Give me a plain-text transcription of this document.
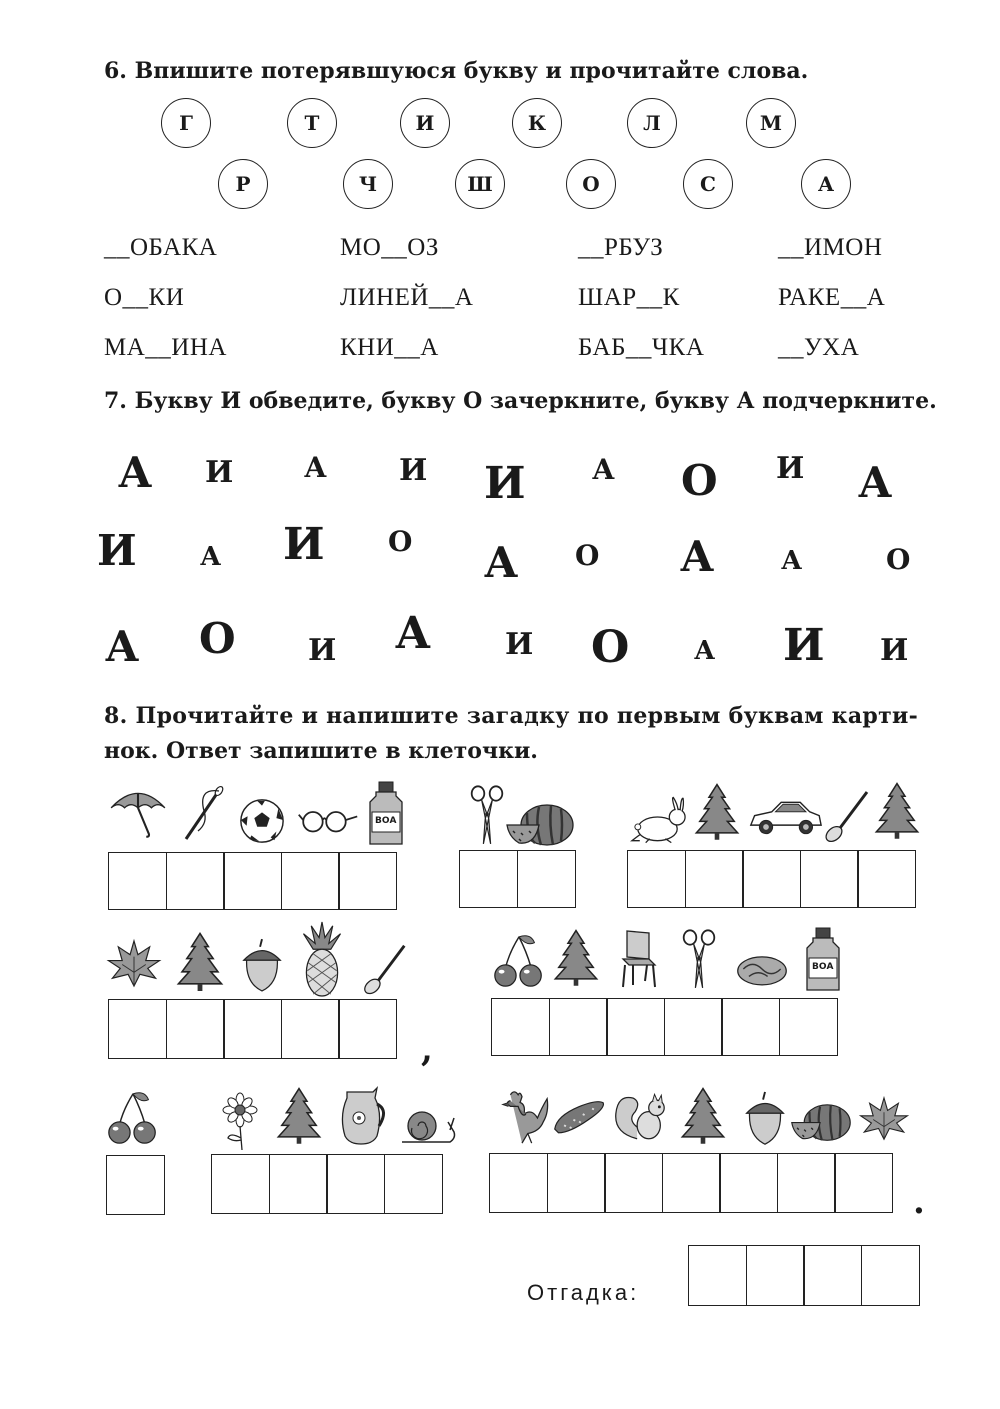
6. Впишите потерявшуюся букву и прочитайте слова.
Г	Т	И	К	Л	М
Р	Ч	Ш	О	С	А
__ОБАКА	МО__ОЗ	__РБУЗ	__ИМОН
О__КИ	ЛИНЕЙ__А	ШАР__К	РАКЕ__А
МА__ИНА	КНИ__А	БАБ__ЧКА	__УХА
7. Букву И обведите, букву О зачеркните, букву А подчеркните.
А И	А И И А О И А
И А И О А О А	А	О
А О И А И О А И И
8. Прочитайте и напишите загадку по первым буквам карти-
нок. Ответ запишите в клеточки.
ВОА
ВОА
,
.
Отгадка:
